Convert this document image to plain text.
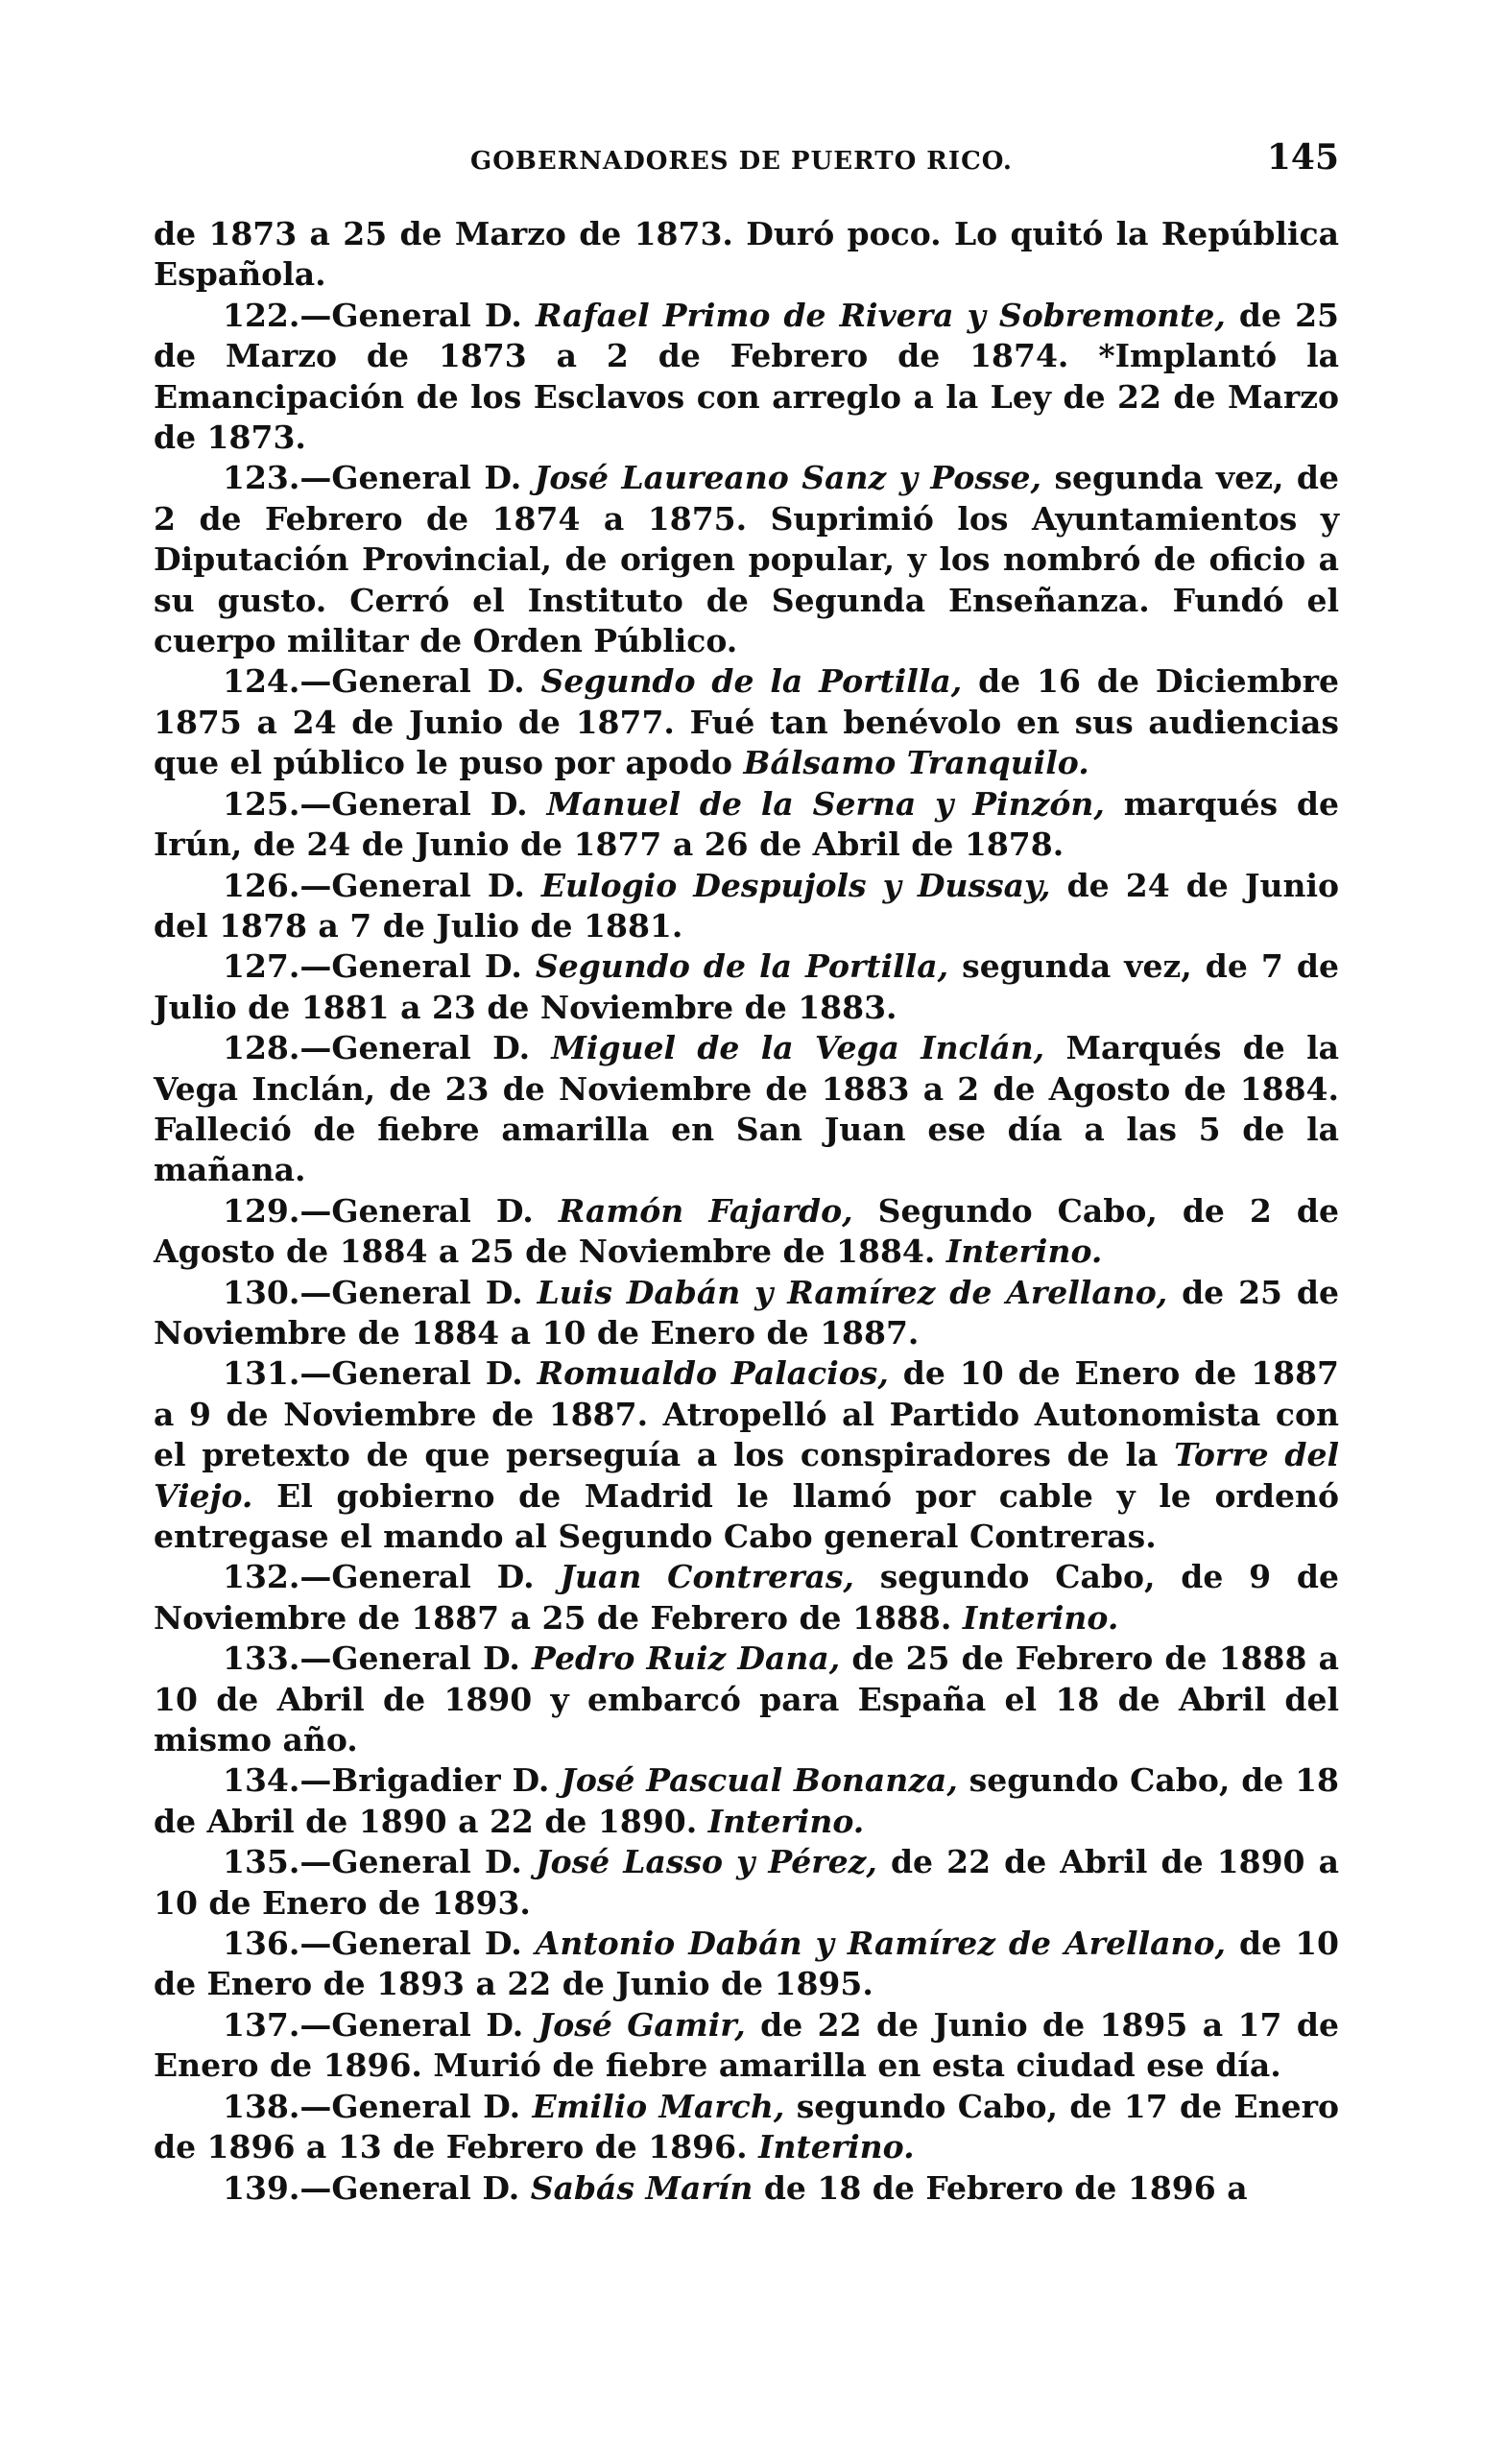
GOBERNADORES DE PUERTO RICO.	145

de 1873 a 25 de Marzo de 1873. Duró poco. Lo quitó la República Española.

122.—General D. Rafael Primo de Rivera y Sobremonte, de 25 de Marzo de 1873 a 2 de Febrero de 1874. *Implantó la Emancipación de los Esclavos con arreglo a la Ley de 22 de Marzo de 1873.

123.—General D. José Laureano Sanz y Posse, segunda vez, de 2 de Febrero de 1874 a 1875. Suprimió los Ayuntamientos y Diputación Provincial, de origen popular, y los nombró de oficio a su gusto. Cerró el Instituto de Segunda Enseñanza. Fundó el cuerpo militar de Orden Público.

124.—General D. Segundo de la Portilla, de 16 de Diciembre 1875 a 24 de Junio de 1877. Fué tan benévolo en sus audiencias que el público le puso por apodo Bálsamo Tranquilo.

125.—General D. Manuel de la Serna y Pinzón, marqués de Irún, de 24 de Junio de 1877 a 26 de Abril de 1878.

126.—General D. Eulogio Despujols y Dussay, de 24 de Junio del 1878 a 7 de Julio de 1881.

127.—General D. Segundo de la Portilla, segunda vez, de 7 de Julio de 1881 a 23 de Noviembre de 1883.

128.—General D. Miguel de la Vega Inclán, Marqués de la Vega Inclán, de 23 de Noviembre de 1883 a 2 de Agosto de 1884. Falleció de fiebre amarilla en San Juan ese día a las 5 de la mañana.

129.—General D. Ramón Fajardo, Segundo Cabo, de 2 de Agosto de 1884 a 25 de Noviembre de 1884. Interino.

130.—General D. Luis Dabán y Ramírez de Arellano, de 25 de Noviembre de 1884 a 10 de Enero de 1887.

131.—General D. Romualdo Palacios, de 10 de Enero de 1887 a 9 de Noviembre de 1887. Atropelló al Partido Autonomista con el pretexto de que perseguía a los conspiradores de la Torre del Viejo. El gobierno de Madrid le llamó por cable y le ordenó entregase el mando al Segundo Cabo general Contreras.

132.—General D. Juan Contreras, segundo Cabo, de 9 de Noviembre de 1887 a 25 de Febrero de 1888. Interino.

133.—General D. Pedro Ruiz Dana, de 25 de Febrero de 1888 a 10 de Abril de 1890 y embarcó para España el 18 de Abril del mismo año.

134.—Brigadier D. José Pascual Bonanza, segundo Cabo, de 18 de Abril de 1890 a 22 de 1890. Interino.

135.—General D. José Lasso y Pérez, de 22 de Abril de 1890 a 10 de Enero de 1893.

136.—General D. Antonio Dabán y Ramírez de Arellano, de 10 de Enero de 1893 a 22 de Junio de 1895.

137.—General D. José Gamir, de 22 de Junio de 1895 a 17 de Enero de 1896. Murió de fiebre amarilla en esta ciudad ese día.

138.—General D. Emilio March, segundo Cabo, de 17 de Enero de 1896 a 13 de Febrero de 1896. Interino.

139.—General D. Sabás Marín de 18 de Febrero de 1896 a
